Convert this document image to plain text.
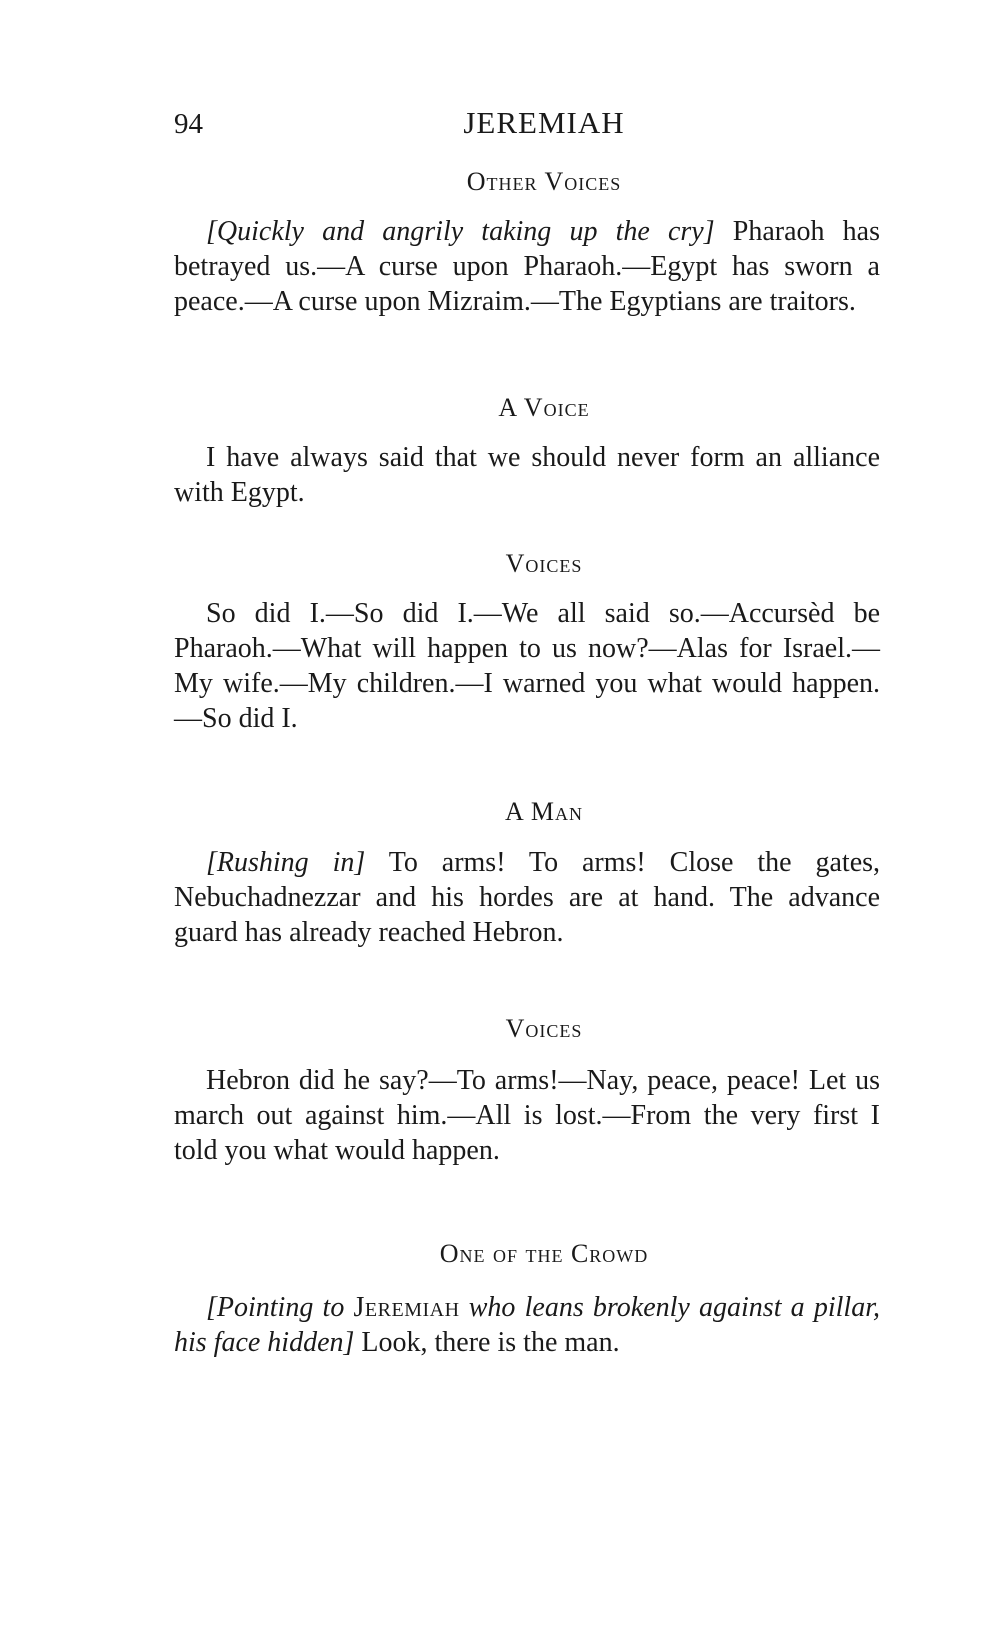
94	JEREMIAH
Other Voices

[Quickly and angrily taking up the cry] Pharaoh has betrayed us.—A curse upon Pharaoh.—Egypt has sworn a peace.—A curse upon Mizraim.—The Egyptians are traitors.

A Voice

I have always said that we should never form an alliance with Egypt.

Voices

So did I.—So did I.—We all said so.—Accursèd be Pharaoh.—What will happen to us now?—Alas for Israel.—My wife.—My children.—I warned you what would happen.—So did I.

A Man

[Rushing in] To arms! To arms! Close the gates, Nebuchadnezzar and his hordes are at hand. The advance guard has already reached Hebron.

Voices

Hebron did he say?—To arms!—Nay, peace, peace! Let us march out against him.—All is lost.—From the very first I told you what would happen.

One of the Crowd

[Pointing to Jeremiah who leans brokenly against a pillar, his face hidden] Look, there is the man.
